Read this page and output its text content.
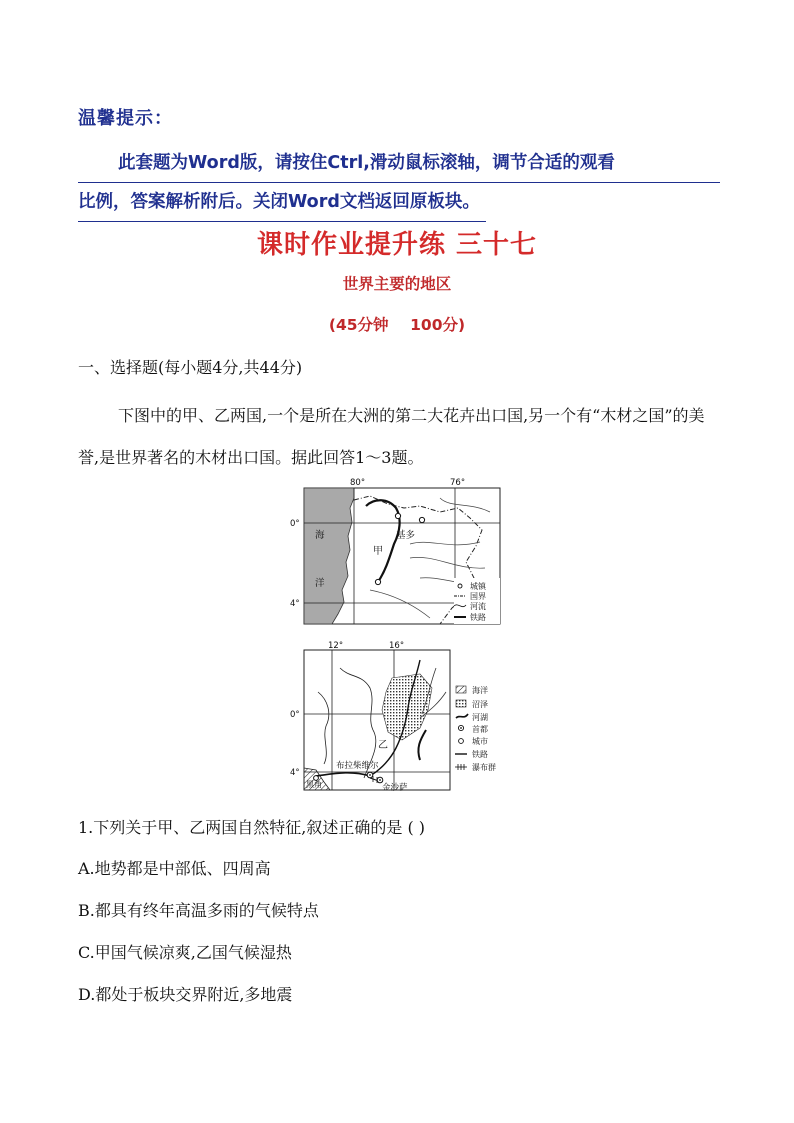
温馨提示：
此套题为Word版，请按住Ctrl,滑动鼠标滚轴，调节合适的观看
比例，答案解析附后。关闭Word文档返回原板块。
课时作业提升练 三十七
世界主要的地区
(45分钟    100分)
一、选择题(每小题4分,共44分)
下图中的甲、乙两国,一个是所在大洲的第二大花卉出口国,另一个有“木材之国”的美誉,是世界著名的木材出口国。据此回答1～3题。
80°	76°
0°
4°
海
洋
甲
基多
城镇
国界
河流
铁路
12°	16°
0°
4°
乙
布拉柴维尔
金沙萨
黑角
海洋
沼泽
河湖
首都
城市
铁路
瀑布群
1.下列关于甲、乙两国自然特征,叙述正确的是 ( )
A.地势都是中部低、四周高
B.都具有终年高温多雨的气候特点
C.甲国气候凉爽,乙国气候湿热
D.都处于板块交界附近,多地震
